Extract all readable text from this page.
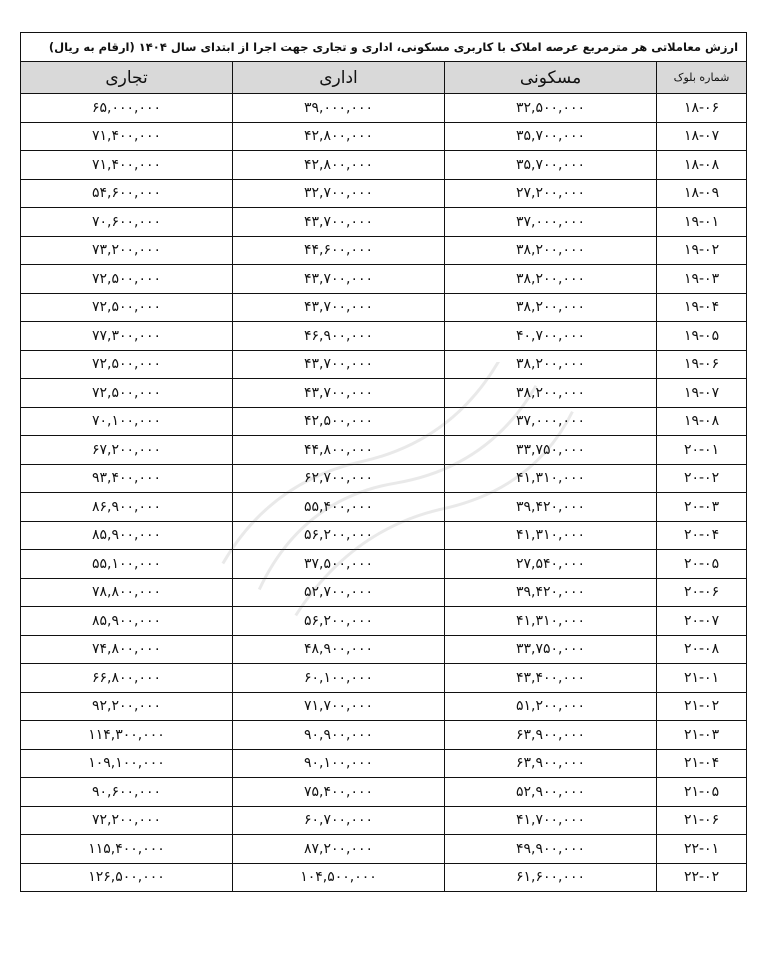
ارزش معاملاتی هر مترمربع عرصه املاک با کاربری مسکونی، اداری و تجاری جهت اجرا از ابتدای سال ۱۴۰۴ (ارقام به ریال)			
شماره بلوک	مسکونی	اداری	تجاری
۱۸-۰۶	۳۲,۵۰۰,۰۰۰	۳۹,۰۰۰,۰۰۰	۶۵,۰۰۰,۰۰۰
۱۸-۰۷	۳۵,۷۰۰,۰۰۰	۴۲,۸۰۰,۰۰۰	۷۱,۴۰۰,۰۰۰
۱۸-۰۸	۳۵,۷۰۰,۰۰۰	۴۲,۸۰۰,۰۰۰	۷۱,۴۰۰,۰۰۰
۱۸-۰۹	۲۷,۲۰۰,۰۰۰	۳۲,۷۰۰,۰۰۰	۵۴,۶۰۰,۰۰۰
۱۹-۰۱	۳۷,۰۰۰,۰۰۰	۴۳,۷۰۰,۰۰۰	۷۰,۶۰۰,۰۰۰
۱۹-۰۲	۳۸,۲۰۰,۰۰۰	۴۴,۶۰۰,۰۰۰	۷۳,۲۰۰,۰۰۰
۱۹-۰۳	۳۸,۲۰۰,۰۰۰	۴۳,۷۰۰,۰۰۰	۷۲,۵۰۰,۰۰۰
۱۹-۰۴	۳۸,۲۰۰,۰۰۰	۴۳,۷۰۰,۰۰۰	۷۲,۵۰۰,۰۰۰
۱۹-۰۵	۴۰,۷۰۰,۰۰۰	۴۶,۹۰۰,۰۰۰	۷۷,۳۰۰,۰۰۰
۱۹-۰۶	۳۸,۲۰۰,۰۰۰	۴۳,۷۰۰,۰۰۰	۷۲,۵۰۰,۰۰۰
۱۹-۰۷	۳۸,۲۰۰,۰۰۰	۴۳,۷۰۰,۰۰۰	۷۲,۵۰۰,۰۰۰
۱۹-۰۸	۳۷,۰۰۰,۰۰۰	۴۲,۵۰۰,۰۰۰	۷۰,۱۰۰,۰۰۰
۲۰-۰۱	۳۳,۷۵۰,۰۰۰	۴۴,۸۰۰,۰۰۰	۶۷,۲۰۰,۰۰۰
۲۰-۰۲	۴۱,۳۱۰,۰۰۰	۶۲,۷۰۰,۰۰۰	۹۳,۴۰۰,۰۰۰
۲۰-۰۳	۳۹,۴۲۰,۰۰۰	۵۵,۴۰۰,۰۰۰	۸۶,۹۰۰,۰۰۰
۲۰-۰۴	۴۱,۳۱۰,۰۰۰	۵۶,۲۰۰,۰۰۰	۸۵,۹۰۰,۰۰۰
۲۰-۰۵	۲۷,۵۴۰,۰۰۰	۳۷,۵۰۰,۰۰۰	۵۵,۱۰۰,۰۰۰
۲۰-۰۶	۳۹,۴۲۰,۰۰۰	۵۲,۷۰۰,۰۰۰	۷۸,۸۰۰,۰۰۰
۲۰-۰۷	۴۱,۳۱۰,۰۰۰	۵۶,۲۰۰,۰۰۰	۸۵,۹۰۰,۰۰۰
۲۰-۰۸	۳۳,۷۵۰,۰۰۰	۴۸,۹۰۰,۰۰۰	۷۴,۸۰۰,۰۰۰
۲۱-۰۱	۴۳,۴۰۰,۰۰۰	۶۰,۱۰۰,۰۰۰	۶۶,۸۰۰,۰۰۰
۲۱-۰۲	۵۱,۲۰۰,۰۰۰	۷۱,۷۰۰,۰۰۰	۹۲,۲۰۰,۰۰۰
۲۱-۰۳	۶۳,۹۰۰,۰۰۰	۹۰,۹۰۰,۰۰۰	۱۱۴,۳۰۰,۰۰۰
۲۱-۰۴	۶۳,۹۰۰,۰۰۰	۹۰,۱۰۰,۰۰۰	۱۰۹,۱۰۰,۰۰۰
۲۱-۰۵	۵۲,۹۰۰,۰۰۰	۷۵,۴۰۰,۰۰۰	۹۰,۶۰۰,۰۰۰
۲۱-۰۶	۴۱,۷۰۰,۰۰۰	۶۰,۷۰۰,۰۰۰	۷۲,۲۰۰,۰۰۰
۲۲-۰۱	۴۹,۹۰۰,۰۰۰	۸۷,۲۰۰,۰۰۰	۱۱۵,۴۰۰,۰۰۰
۲۲-۰۲	۶۱,۶۰۰,۰۰۰	۱۰۴,۵۰۰,۰۰۰	۱۲۶,۵۰۰,۰۰۰
